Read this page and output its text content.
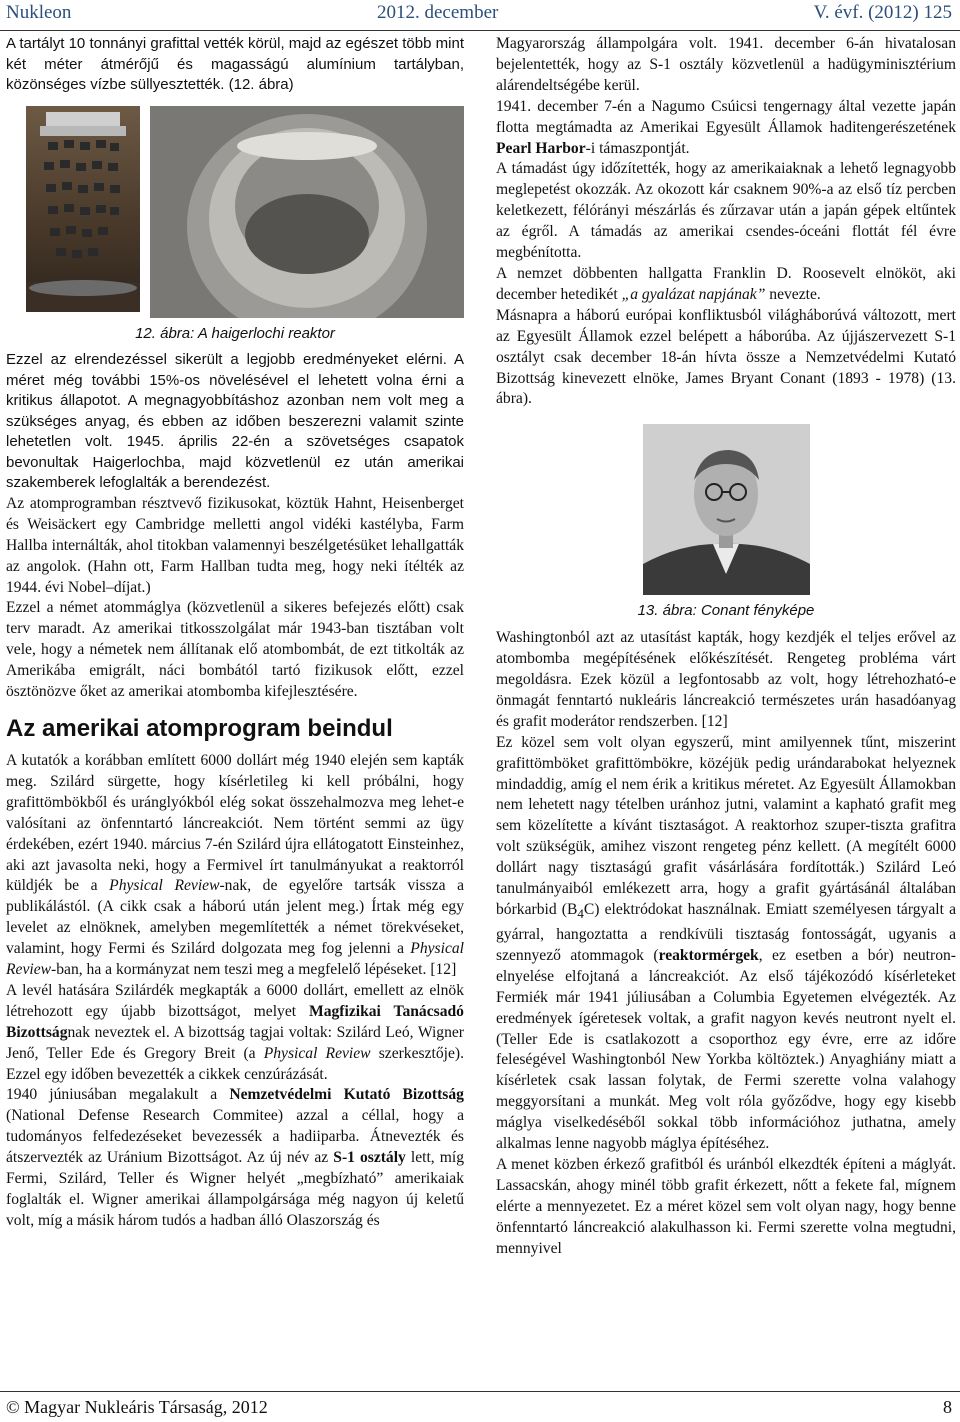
Nukleon	2012. december	V. évf. (2012) 125

A tartályt 10 tonnányi grafittal vették körül, majd az egészet több mint két méter átmérőjű és magasságú alumínium tartályban, közönséges vízbe süllyesztették. (12. ábra)

12. ábra: A haigerlochi reaktor

Ezzel az elrendezéssel sikerült a legjobb eredményeket elérni. A méret még további 15%-os növelésével el lehetett volna érni a kritikus állapotot. A megnagyobbításhoz azonban nem volt meg a szükséges anyag, és ebben az időben beszerezni valamit szinte lehetetlen volt. 1945. április 22-én a szövetséges csapatok bevonultak Haigerlochba, majd közvetlenül ez után amerikai szakemberek lefoglalták a berendezést.

Az atomprogramban résztvevő fizikusokat, köztük Hahnt, Heisenberget és Weisäckert egy Cambridge melletti angol vidéki kastélyba, Farm Hallba internálták, ahol titokban valamennyi beszélgetésüket lehallgatták az angolok. (Hahn ott, Farm Hallban tudta meg, hogy neki ítélték az 1944. évi Nobel–díjat.)

Ezzel a német atommáglya (közvetlenül a sikeres befejezés előtt) csak terv maradt. Az amerikai titkosszolgálat már 1943-ban tisztában volt vele, hogy a németek nem állítanak elő atombombát, de ezt titkolták az Amerikába emigrált, náci bombától tartó fizikusok előtt, ezzel ösztönözve őket az amerikai atombomba kifejlesztésére.

Az amerikai atomprogram beindul

A kutatók a korábban említett 6000 dollárt még 1940 elején sem kapták meg. Szilárd sürgette, hogy kísérletileg ki kell próbálni, hogy grafittömbökből és uránglyókból elég sokat összehalmozva meg lehet-e valósítani az önfenntartó láncreakciót. Nem történt semmi az ügy érdekében, ezért 1940. március 7-én Szilárd újra ellátogatott Einsteinhez, aki azt javasolta neki, hogy a Fermivel írt tanulmányukat a reaktorról küldjék be a Physical Review-nak, de egyelőre tartsák vissza a publikálástól. (A cikk csak a háború után jelent meg.) Írtak még egy levelet az elnöknek, amelyben megemlítették a német törekvéseket, valamint, hogy Fermi és Szilárd dolgozata meg fog jelenni a Physical Review-ban, ha a kormányzat nem teszi meg a megfelelő lépéseket. [12]

A levél hatására Szilárdék megkapták a 6000 dollárt, emellett az elnök létrehozott egy újabb bizottságot, melyet Magfizikai Tanácsadó Bizottságnak neveztek el. A bizottság tagjai voltak: Szilárd Leó, Wigner Jenő, Teller Ede és Gregory Breit (a Physical Review szerkesztője). Ezzel egy időben bevezették a cikkek cenzúrázását.

1940 júniusában megalakult a Nemzetvédelmi Kutató Bizottság (National Defense Research Commitee) azzal a céllal, hogy a tudományos felfedezéseket bevezessék a hadiiparba. Átnevezték és átszervezték az Uránium Bizottságot. Az új név az S-1 osztály lett, míg Fermi, Szilárd, Teller és Wigner helyét „megbízható” amerikaiak foglalták el. Wigner amerikai állampolgársága még nagyon új keletű volt, míg a másik három tudós a hadban álló Olaszország és

Magyarország állampolgára volt. 1941. december 6-án hivatalosan bejelentették, hogy az S-1 osztály közvetlenül a hadügyminisztérium alárendeltségébe kerül.

1941. december 7-én a Nagumo Csúicsi tengernagy által vezette japán flotta megtámadta az Amerikai Egyesült Államok haditengerészetének Pearl Harbor-i támaszpontját.

A támadást úgy időzítették, hogy az amerikaiaknak a lehető legnagyobb meglepetést okozzák. Az okozott kár csaknem 90%-a az első tíz percben keletkezett, félórányi mészárlás és zűrzavar után a japán gépek eltűntek az égről. A támadás az amerikai csendes-óceáni flottát fél évre megbénította.

A nemzet döbbenten hallgatta Franklin D. Roosevelt elnököt, aki december hetedikét „a gyalázat napjának” nevezte.

Másnapra a háború európai konfliktusból világháborúvá változott, mert az Egyesült Államok ezzel belépett a háborúba. Az újjászervezett S-1 osztályt csak december 18-án hívta össze a Nemzetvédelmi Kutató Bizottság kinevezett elnöke, James Bryant Conant (1893 - 1978) (13. ábra).

13. ábra: Conant fényképe

Washingtonból azt az utasítást kapták, hogy kezdjék el teljes erővel az atombomba megépítésének előkészítését. Rengeteg probléma várt megoldásra. Ezek közül a legfontosabb az volt, hogy létrehozható-e önmagát fenntartó nukleáris láncreakció természetes urán hasadóanyag és grafit moderátor rendszerben. [12]

Ez közel sem volt olyan egyszerű, mint amilyennek tűnt, miszerint grafittömböket grafittömbökre, közéjük pedig urándarabokat helyeznek mindaddig, amíg el nem érik a kritikus méretet. Az Egyesült Államokban nem lehetett nagy tételben uránhoz jutni, valamint a kapható grafit meg sem közelítette a kívánt tisztaságot. A reaktorhoz szuper-tiszta grafitra volt szükségük, amihez viszont rengeteg pénz kellett. (A megítélt 6000 dollárt nagy tisztaságú grafit vásárlására fordították.) Szilárd Leó tanulmányaiból emlékezett arra, hogy a grafit gyártásánál általában bórkarbid $(B_4C)$ elektródokat használnak. Emiatt személyesen tárgyalt a gyárral, hangoztatta a rendkívüli tisztaság fontosságát, ugyanis a szennyező atommagok (reaktormérgek, ez esetben a bór) neutron-elnyelése elfojtaná a láncreakciót. Az első tájékozódó kísérleteket Fermiék már 1941 júliusában a Columbia Egyetemen elvégezték. Az eredmények ígéretesek voltak, a grafit nagyon kevés neutront nyelt el. (Teller Ede is csatlakozott a csoporthoz egy évre, erre az időre feleségével Washingtonból New Yorkba költöztek.) Anyaghiány miatt a kísérletek csak lassan folytak, de Fermi szerette volna valahogy meggyorsítani a munkát. Meg volt róla győződve, hogy egy kisebb máglya viselkedéséből sokkal több információhoz juthatna, amely alkalmas lenne nagyobb máglya építéséhez.

A menet közben érkező grafitból és uránból elkezdték építeni a máglyát. Lassacskán, ahogy minél több grafit érkezett, nőtt a fekete fal, mígnem elérte a mennyezetet. Ez a méret közel sem volt olyan nagy, hogy benne önfenntartó láncreakció alakulhasson ki. Fermi szerette volna megtudni, mennyivel

© Magyar Nukleáris Társaság, 2012	8
